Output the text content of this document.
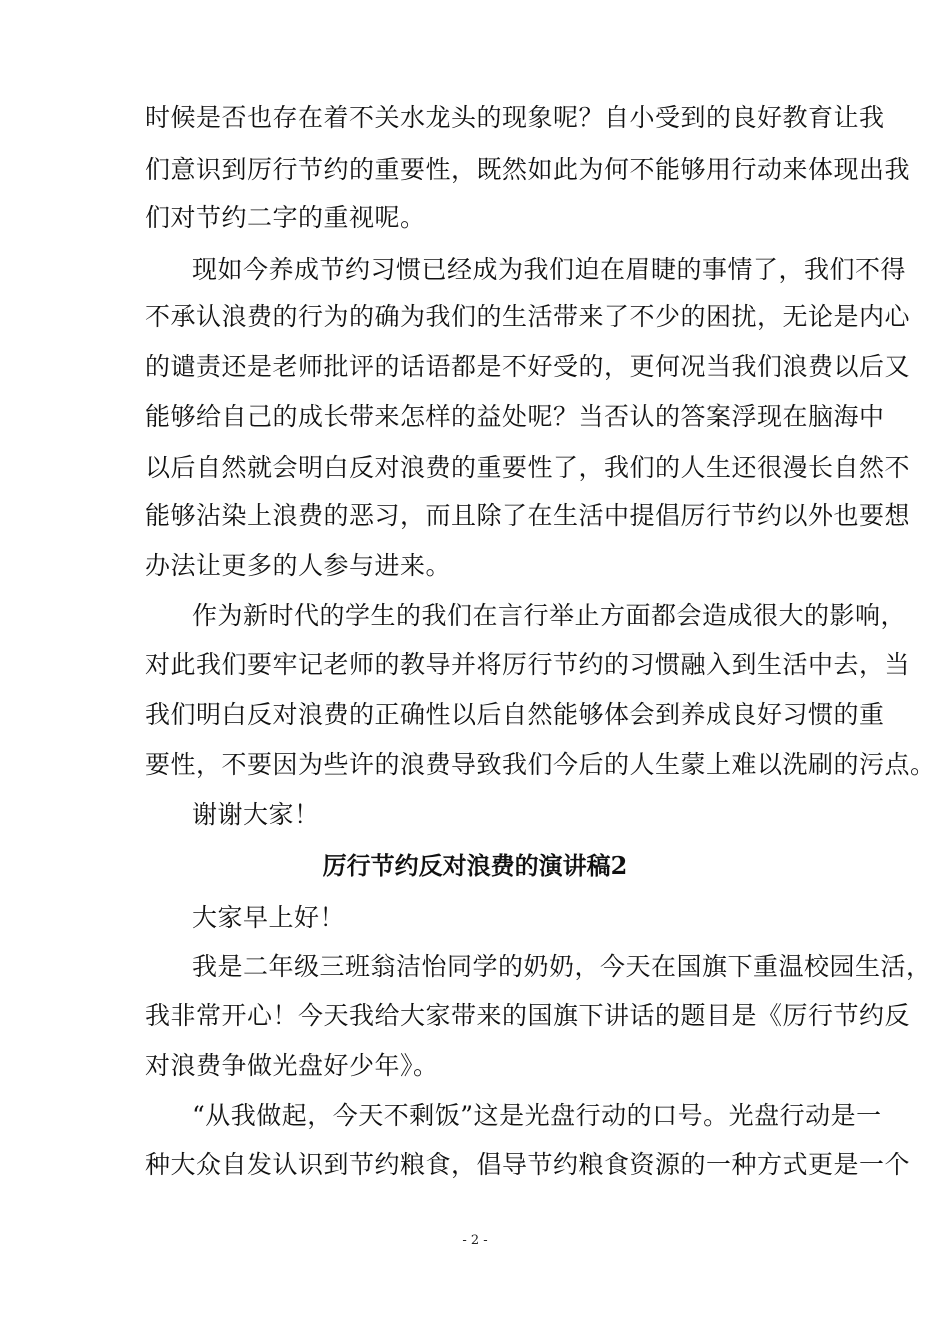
时候是否也存在着不关水龙头的现象呢？自小受到的良好教育让我
们意识到厉行节约的重要性，既然如此为何不能够用行动来体现出我
们对节约二字的重视呢。
现如今养成节约习惯已经成为我们迫在眉睫的事情了，我们不得
不承认浪费的行为的确为我们的生活带来了不少的困扰，无论是内心
的谴责还是老师批评的话语都是不好受的，更何况当我们浪费以后又
能够给自己的成长带来怎样的益处呢？当否认的答案浮现在脑海中
以后自然就会明白反对浪费的重要性了，我们的人生还很漫长自然不
能够沾染上浪费的恶习，而且除了在生活中提倡厉行节约以外也要想
办法让更多的人参与进来。
作为新时代的学生的我们在言行举止方面都会造成很大的影响，
对此我们要牢记老师的教导并将厉行节约的习惯融入到生活中去，当
我们明白反对浪费的正确性以后自然能够体会到养成良好习惯的重
要性，不要因为些许的浪费导致我们今后的人生蒙上难以洗刷的污点。
谢谢大家！
厉行节约反对浪费的演讲稿2
大家早上好！
我是二年级三班翁洁怡同学的奶奶，今天在国旗下重温校园生活，
我非常开心！今天我给大家带来的国旗下讲话的题目是《厉行节约反
对浪费争做光盘好少年》。
“从我做起，今天不剩饭”这是光盘行动的口号。光盘行动是一
种大众自发认识到节约粮食，倡导节约粮食资源的一种方式更是一个
- 2 -
